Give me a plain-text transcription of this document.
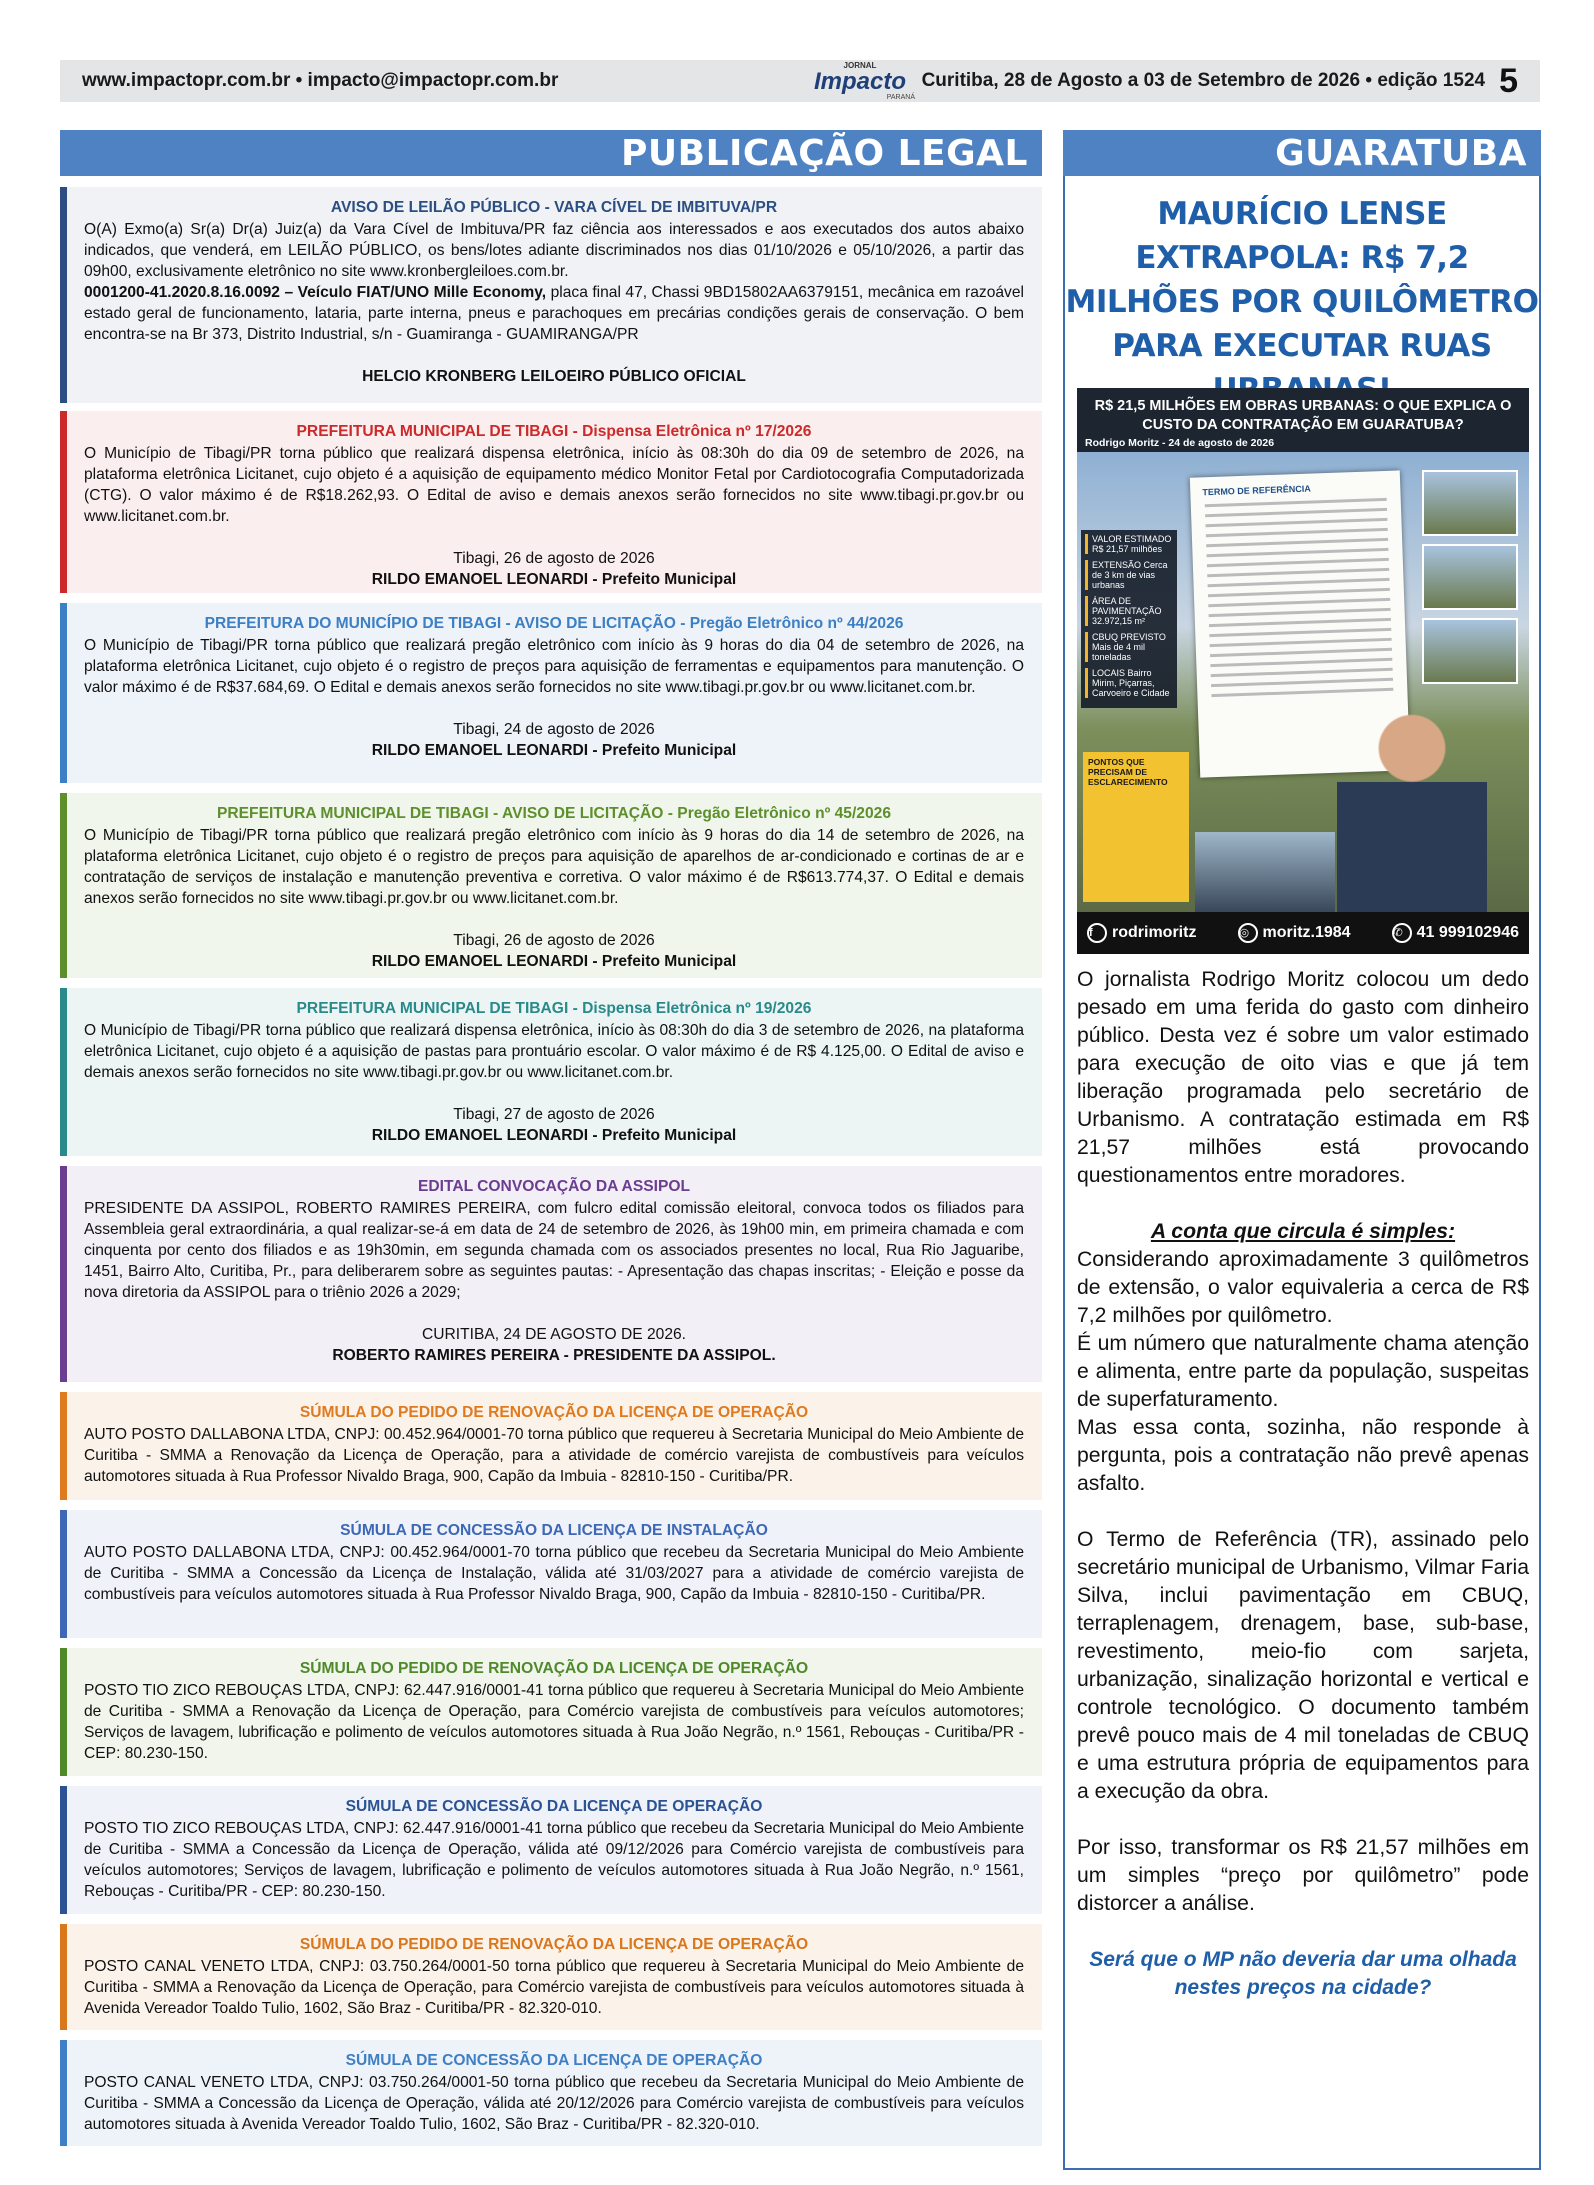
www.impactopr.com.br • impacto@impactopr.com.br
JORNAL
Impacto
PARANÁ
Curitiba, 28 de Agosto a 03 de Setembro de 2026 • edição 1524 5
PUBLICAÇÃO LEGAL
AVISO DE LEILÃO PÚBLICO - VARA CÍVEL DE IMBITUVA/PR
O(A) Exmo(a) Sr(a) Dr(a) Juiz(a) da Vara Cível de Imbituva/PR faz ciência aos interessados e aos executados dos autos abaixo indicados, que venderá, em LEILÃO PÚBLICO, os bens/lotes adiante discriminados nos dias 01/10/2026 e 05/10/2026, a partir das 09h00, exclusivamente eletrônico no site www.kronbergleiloes.com.br.
0001200-41.2020.8.16.0092 – Veículo FIAT/UNO Mille Economy, placa final 47, Chassi 9BD15802AA6379151, mecânica em razoável estado geral de funcionamento, lataria, parte interna, pneus e parachoques em precárias condições gerais de conservação. O bem encontra-se na Br 373, Distrito Industrial, s/n - Guamiranga - GUAMIRANGA/PR
HELCIO KRONBERG LEILOEIRO PÚBLICO OFICIAL
PREFEITURA MUNICIPAL DE TIBAGI - Dispensa Eletrônica nº 17/2026
O Município de Tibagi/PR torna público que realizará dispensa eletrônica, início às 08:30h do dia 09 de setembro de 2026, na plataforma eletrônica Licitanet, cujo objeto é a aquisição de equipamento médico Monitor Fetal por Cardiotocografia Computadorizada (CTG). O valor máximo é de R$18.262,93. O Edital de aviso e demais anexos serão fornecidos no site www.tibagi.pr.gov.br ou www.licitanet.com.br.
Tibagi, 26 de agosto de 2026
RILDO EMANOEL LEONARDI - Prefeito Municipal
PREFEITURA DO MUNICÍPIO DE TIBAGI - AVISO DE LICITAÇÃO - Pregão Eletrônico nº 44/2026
O Município de Tibagi/PR torna público que realizará pregão eletrônico com início às 9 horas do dia 04 de setembro de 2026, na plataforma eletrônica Licitanet, cujo objeto é o registro de preços para aquisição de ferramentas e equipamentos para manutenção. O valor máximo é de R$37.684,69. O Edital e demais anexos serão fornecidos no site www.tibagi.pr.gov.br ou www.licitanet.com.br.
Tibagi, 24 de agosto de 2026
RILDO EMANOEL LEONARDI - Prefeito Municipal
PREFEITURA MUNICIPAL DE TIBAGI - AVISO DE LICITAÇÃO - Pregão Eletrônico nº 45/2026
O Município de Tibagi/PR torna público que realizará pregão eletrônico com início às 9 horas do dia 14 de setembro de 2026, na plataforma eletrônica Licitanet, cujo objeto é o registro de preços para aquisição de aparelhos de ar-condicionado e cortinas de ar e contratação de serviços de instalação e manutenção preventiva e corretiva. O valor máximo é de R$613.774,37. O Edital e demais anexos serão fornecidos no site www.tibagi.pr.gov.br ou www.licitanet.com.br.
Tibagi, 26 de agosto de 2026
RILDO EMANOEL LEONARDI - Prefeito Municipal
PREFEITURA MUNICIPAL DE TIBAGI - Dispensa Eletrônica nº 19/2026
O Município de Tibagi/PR torna público que realizará dispensa eletrônica, início às 08:30h do dia 3 de setembro de 2026, na plataforma eletrônica Licitanet, cujo objeto é a aquisição de pastas para prontuário escolar. O valor máximo é de R$ 4.125,00. O Edital de aviso e demais anexos serão fornecidos no site www.tibagi.pr.gov.br ou www.licitanet.com.br.
Tibagi, 27 de agosto de 2026
RILDO EMANOEL LEONARDI - Prefeito Municipal
EDITAL CONVOCAÇÃO DA ASSIPOL
PRESIDENTE DA ASSIPOL, ROBERTO RAMIRES PEREIRA, com fulcro edital comissão eleitoral, convoca todos os filiados para Assembleia geral extraordinária, a qual realizar-se-á em data de 24 de setembro de 2026, às 19h00 min, em primeira chamada e com cinquenta por cento dos filiados e as 19h30min, em segunda chamada com os associados presentes no local, Rua Rio Jaguaribe, 1451, Bairro Alto, Curitiba, Pr., para deliberarem sobre as seguintes pautas: - Apresentação das chapas inscritas; - Eleição e posse da nova diretoria da ASSIPOL para o triênio 2026 a 2029;
CURITIBA, 24 DE AGOSTO DE 2026.
ROBERTO RAMIRES PEREIRA - PRESIDENTE DA ASSIPOL.
SÚMULA DO PEDIDO DE RENOVAÇÃO DA LICENÇA DE OPERAÇÃO
AUTO POSTO DALLABONA LTDA, CNPJ: 00.452.964/0001-70 torna público que requereu à Secretaria Municipal do Meio Ambiente de Curitiba - SMMA a Renovação da Licença de Operação, para a atividade de comércio varejista de combustíveis para veículos automotores situada à Rua Professor Nivaldo Braga, 900, Capão da Imbuia - 82810-150 - Curitiba/PR.
SÚMULA DE CONCESSÃO DA LICENÇA DE INSTALAÇÃO
AUTO POSTO DALLABONA LTDA, CNPJ: 00.452.964/0001-70 torna público que recebeu da Secretaria Municipal do Meio Ambiente de Curitiba - SMMA a Concessão da Licença de Instalação, válida até 31/03/2027 para a atividade de comércio varejista de combustíveis para veículos automotores situada à Rua Professor Nivaldo Braga, 900, Capão da Imbuia - 82810-150 - Curitiba/PR.
SÚMULA DO PEDIDO DE RENOVAÇÃO DA LICENÇA DE OPERAÇÃO
POSTO TIO ZICO REBOUÇAS LTDA, CNPJ: 62.447.916/0001-41 torna público que requereu à Secretaria Municipal do Meio Ambiente de Curitiba - SMMA a Renovação da Licença de Operação, para Comércio varejista de combustíveis para veículos automotores; Serviços de lavagem, lubrificação e polimento de veículos automotores situada à Rua João Negrão, n.º 1561, Rebouças - Curitiba/PR - CEP: 80.230-150.
SÚMULA DE CONCESSÃO DA LICENÇA DE OPERAÇÃO
POSTO TIO ZICO REBOUÇAS LTDA, CNPJ: 62.447.916/0001-41 torna público que recebeu da Secretaria Municipal do Meio Ambiente de Curitiba - SMMA a Concessão da Licença de Operação, válida até 09/12/2026 para Comércio varejista de combustíveis para veículos automotores; Serviços de lavagem, lubrificação e polimento de veículos automotores situada à Rua João Negrão, n.º 1561, Rebouças - Curitiba/PR - CEP: 80.230-150.
SÚMULA DO PEDIDO DE RENOVAÇÃO DA LICENÇA DE OPERAÇÃO
POSTO CANAL VENETO LTDA, CNPJ: 03.750.264/0001-50 torna público que requereu à Secretaria Municipal do Meio Ambiente de Curitiba - SMMA a Renovação da Licença de Operação, para Comércio varejista de combustíveis para veículos automotores situada à Avenida Vereador Toaldo Tulio, 1602, São Braz - Curitiba/PR - 82.320-010.
SÚMULA DE CONCESSÃO DA LICENÇA DE OPERAÇÃO
POSTO CANAL VENETO LTDA, CNPJ: 03.750.264/0001-50 torna público que recebeu da Secretaria Municipal do Meio Ambiente de Curitiba - SMMA a Concessão da Licença de Operação, válida até 20/12/2026 para Comércio varejista de combustíveis para veículos automotores situada à Avenida Vereador Toaldo Tulio, 1602, São Braz - Curitiba/PR - 82.320-010.
GUARATUBA
MAURÍCIO LENSE EXTRAPOLA: R$ 7,2 MILHÕES POR QUILÔMETRO PARA EXECUTAR RUAS
R$ 21,5 MILHÕES EM OBRAS URBANAS: O QUE EXPLICA O CUSTO DA CONTRATAÇÃO EM GUARATUBA?
Rodrigo Moritz - 24 de agosto de 2026
TERMO DE REFERÊNCIA
VALOR ESTIMADO R$ 21,57 milhões
EXTENSÃO Cerca de 3 km de vias urbanas
ÁREA DE PAVIMENTAÇÃO 32.972,15 m²
CBUQ PREVISTO Mais de 4 mil toneladas
LOCAIS Bairro Mirim, Piçarras, Carvoeiro e Cidade
PONTOS QUE PRECISAM DE ESCLARECIMENTO
f	rodrimoritz	◎ moritz.1984	✆ 41 999102946

O jornalista Rodrigo Moritz colocou um dedo pesado em uma ferida do gasto com dinheiro público. Desta vez é sobre um valor estimado para execução de oito vias e que já tem liberação programada pelo secretário de Urbanismo. A contratação estimada em R$ 21,57 milhões está provocando questionamentos entre moradores.

A conta que circula é simples:

Considerando aproximadamente 3 quilômetros de extensão, o valor equivaleria a cerca de R$ 7,2 milhões por quilômetro.

É um número que naturalmente chama atenção e alimenta, entre parte da população, suspeitas de superfaturamento.

Mas essa conta, sozinha, não responde à pergunta, pois a contratação não prevê apenas asfalto.

O Termo de Referência (TR), assinado pelo secretário municipal de Urbanismo, Vilmar Faria Silva, inclui pavimentação em CBUQ, terraplenagem, drenagem, base, sub-base, revestimento, meio-fio com sarjeta, urbanização, sinalização horizontal e vertical e controle tecnológico. O documento também prevê pouco mais de 4 mil toneladas de CBUQ e uma estrutura própria de equipamentos para a execução da obra.

Por isso, transformar os R$ 21,57 milhões em um simples “preço por quilômetro” pode distorcer a análise.

Será que o MP não deveria dar uma olhada nestes preços na cidade?
